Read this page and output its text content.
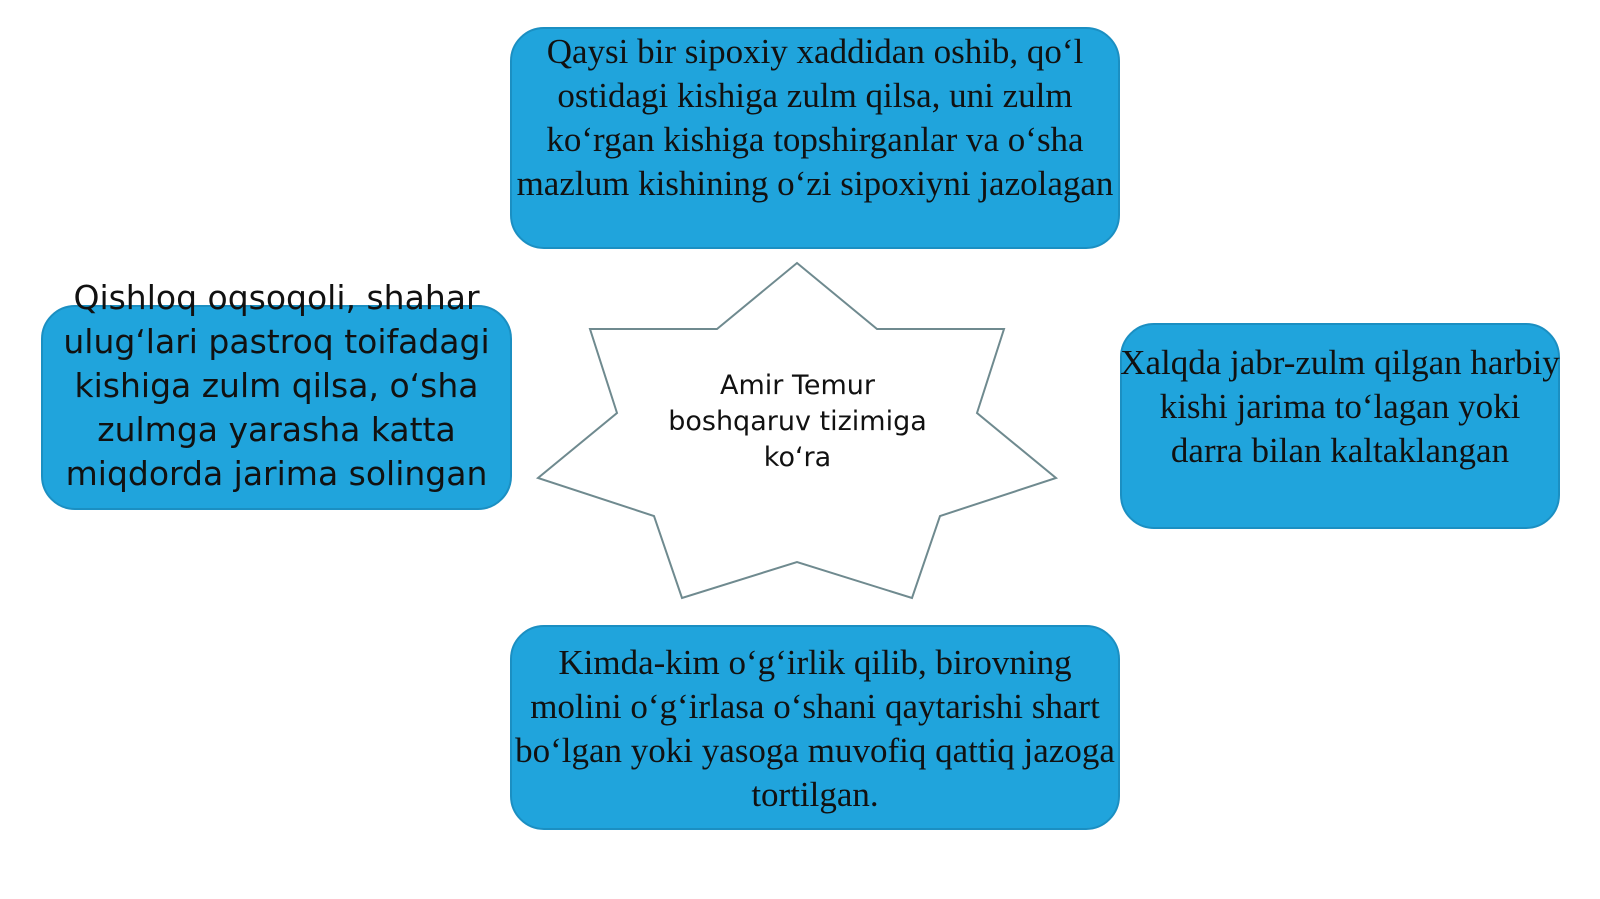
Amir Temur boshqaruv tizimiga ko‘ra
Qaysi bir sipoxiy xaddidan oshib, qo‘l ostidagi kishiga zulm qilsa, uni zulm ko‘rgan kishiga topshirganlar va o‘sha mazlum kishining o‘zi sipoxiyni jazolagan
Qishloq oqsoqoli, shahar ulug‘lari pastroq toifadagi kishiga zulm qilsa, o‘sha zulmga yarasha katta miqdorda jarima solingan
Xalqda jabr-zulm qilgan harbiy kishi jarima to‘lagan yoki darra bilan kaltaklangan
Kimda-kim o‘g‘irlik qilib, birovning molini o‘g‘irlasa o‘shani qaytarishi shart bo‘lgan yoki yasoga muvofiq qattiq jazoga tortilgan.
